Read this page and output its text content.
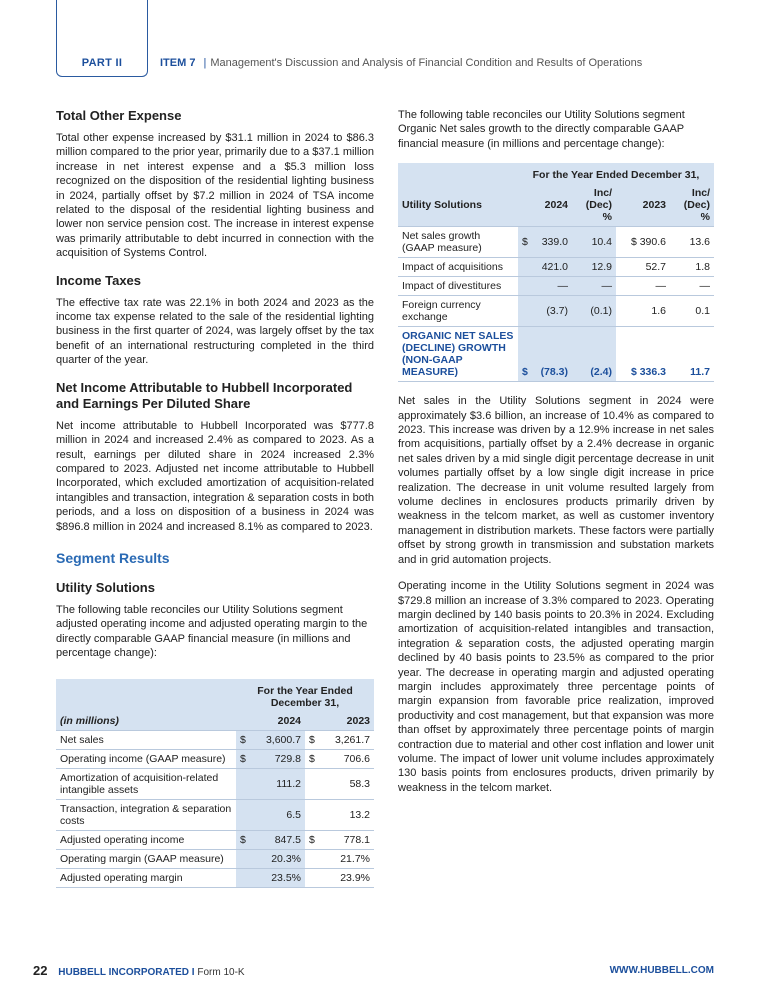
PART II	ITEM 7 | Management's Discussion and Analysis of Financial Condition and Results of Operations
Total Other Expense

Total other expense increased by $31.1 million in 2024 to $86.3 million compared to the prior year, primarily due to a $37.1 million increase in net interest expense and a $5.3 million loss recognized on the disposition of the residential lighting business in 2024, partially offset by $7.2 million in 2024 of TSA income related to the disposal of the residential lighting business and lower non service pension cost. The increase in interest expense was primarily attributable to debt incurred in connection with the acquisition of Systems Control.

Income Taxes

The effective tax rate was 22.1% in both 2024 and 2023 as the income tax expense related to the sale of the residential lighting business in the first quarter of 2024, was largely offset by the tax benefit of an international restructuring completed in the third quarter of the year.

Net Income Attributable to Hubbell Incorporated and Earnings Per Diluted Share

Net income attributable to Hubbell Incorporated was $777.8 million in 2024 and increased 2.4% as compared to 2023. As a result, earnings per diluted share in 2024 increased 2.3% compared to 2023. Adjusted net income attributable to Hubbell Incorporated, which excluded amortization of acquisition-related intangibles and transaction, integration & separation costs in both periods, and a loss on disposition of a business in 2024 was $896.8 million in 2024 and increased 8.1% as compared to 2023.

Segment Results
Utility Solutions

The following table reconciles our Utility Solutions segment adjusted operating income and adjusted operating margin to the directly comparable GAAP financial measure (in millions and percentage change):

	For the Year Ended December 31,			
(in millions)	2024		2023	
Net sales	$	3,600.7	$	3,261.7
Operating income (GAAP measure)	$	729.8	$	706.6
Amortization of acquisition-related intangible assets		111.2		58.3
Transaction, integration & separation costs		6.5		13.2
Adjusted operating income	$	847.5	$	778.1
Operating margin (GAAP measure)		20.3%		21.7%
Adjusted operating margin		23.5%		23.9%

The following table reconciles our Utility Solutions segment Organic Net sales growth to the directly comparable GAAP financial measure (in millions and percentage change):

	For the Year Ended December 31,			
Utility Solutions	2024	Inc/ (Dec) %	2023	Inc/ (Dec) %
Net sales growth (GAAP measure)	$ 339.0	10.4	$ 390.6	13.6
Impact of acquisitions	421.0	12.9	52.7	1.8
Impact of divestitures	—	—	—	—
Foreign currency exchange	(3.7)	(0.1)	1.6	0.1
ORGANIC NET SALES (DECLINE) GROWTH (NON-GAAP MEASURE)	$ (78.3)	(2.4)	$ 336.3	11.7

Net sales in the Utility Solutions segment in 2024 were approximately $3.6 billion, an increase of 10.4% as compared to 2023. This increase was driven by a 12.9% increase in net sales from acquisitions, partially offset by a 2.4% decrease in organic net sales driven by a mid single digit percentage decrease in unit volumes partially offset by a low single digit increase in price realization. The decrease in unit volume resulted largely from volume declines in enclosures products primarily driven by weakness in the telcom market, as well as customer inventory management in distribution markets. These factors were partially offset by strong growth in transmission and substation markets and in grid automation projects.

Operating income in the Utility Solutions segment in 2024 was $729.8 million an increase of 3.3% compared to 2023. Operating margin declined by 140 basis points to 20.3% in 2024. Excluding amortization of acquisition-related intangibles and transaction, integration & separation costs, the adjusted operating margin declined by 40 basis points to 23.5% as compared to the prior year. The decrease in operating margin and adjusted operating margin includes approximately three percentage points of margin expansion from favorable price realization, improved productivity and cost management, but that expansion was more than offset by approximately three percentage points of margin contraction due to material and other cost inflation and lower unit volume. The impact of lower unit volume includes approximately 130 basis points from enclosures products, driven primarily by weakness in the telcom market.

22 HUBBELL INCORPORATED I Form 10-K	WWW.HUBBELL.COM
